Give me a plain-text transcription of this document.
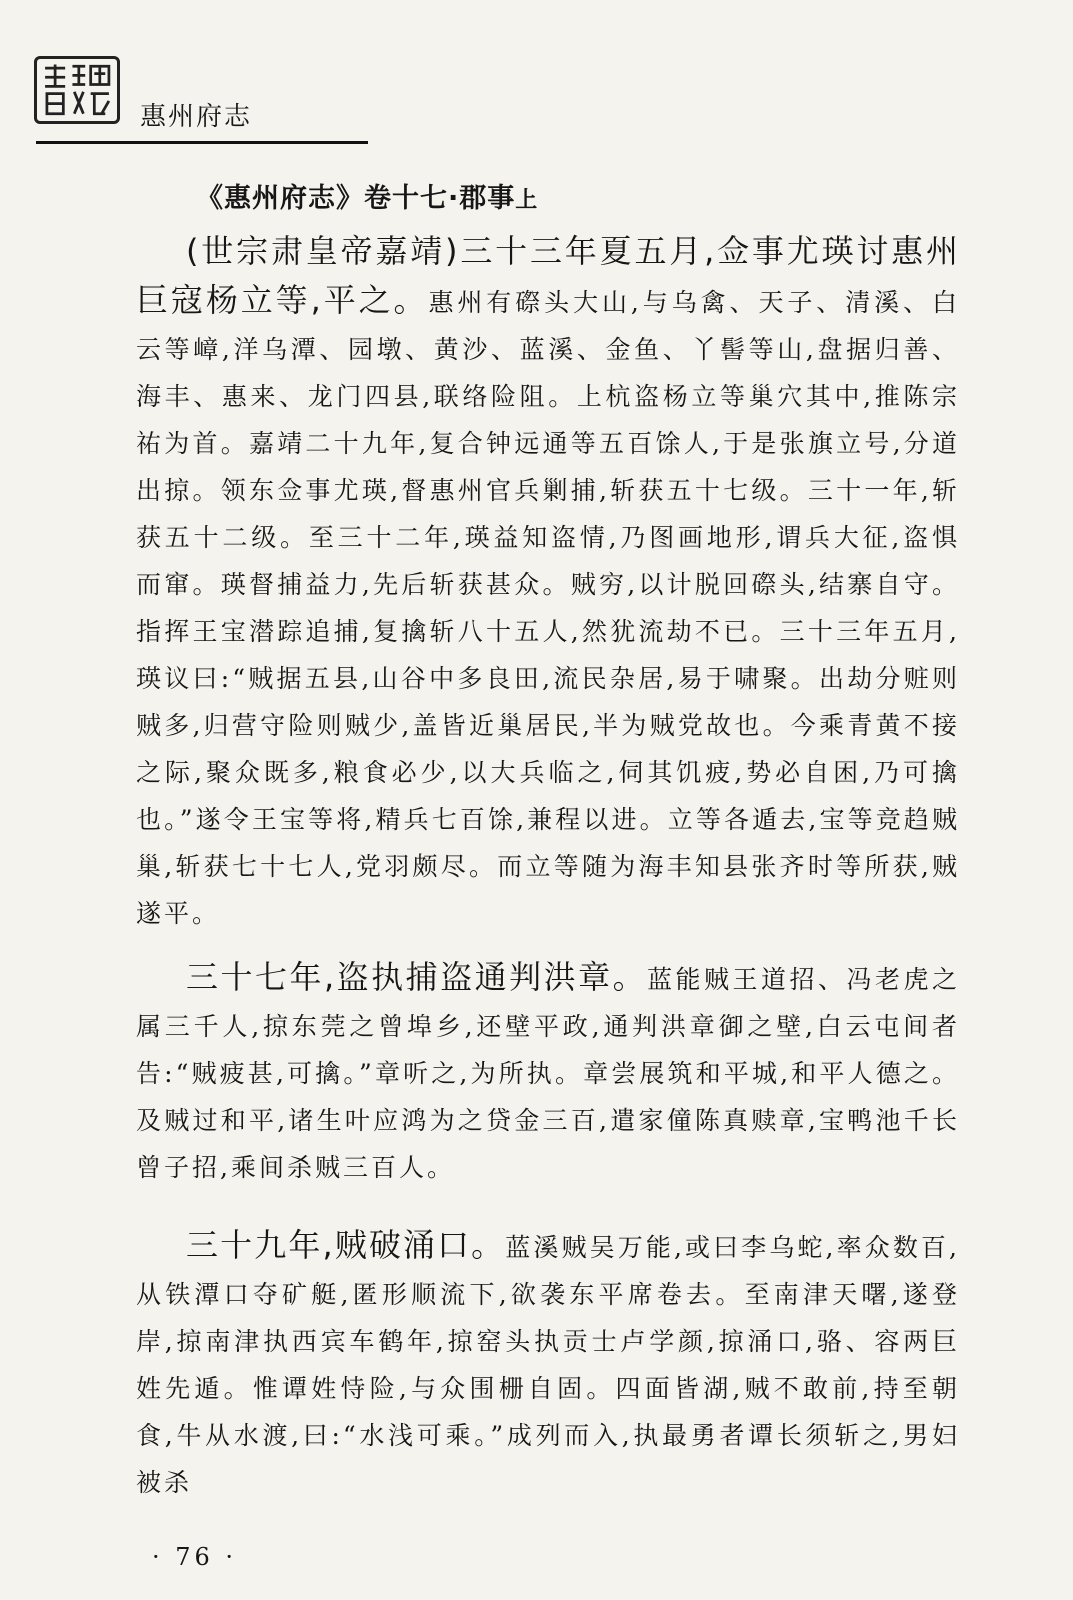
惠州府志
《惠州府志》卷十七·郡事上

(世宗肃皇帝嘉靖)三十三年夏五月,佥事尤瑛讨惠州巨寇杨立等,平之。惠州有磜头大山,与乌禽、天子、清溪、白云等嶂,洋乌潭、园墩、黄沙、蓝溪、金鱼、丫髻等山,盘据归善、海丰、惠来、龙门四县,联络险阻。上杭盗杨立等巢穴其中,推陈宗祐为首。嘉靖二十九年,复合钟远通等五百馀人,于是张旗立号,分道出掠。领东佥事尤瑛,督惠州官兵剿捕,斩获五十七级。三十一年,斩获五十二级。至三十二年,瑛益知盗情,乃图画地形,谓兵大征,盗惧而窜。瑛督捕益力,先后斩获甚众。贼穷,以计脱回磜头,结寨自守。指挥王宝潜踪追捕,复擒斩八十五人,然犹流劫不已。三十三年五月,瑛议曰:“贼据五县,山谷中多良田,流民杂居,易于啸聚。出劫分赃则贼多,归营守险则贼少,盖皆近巢居民,半为贼党故也。今乘青黄不接之际,聚众既多,粮食必少,以大兵临之,伺其饥疲,势必自困,乃可擒也。”遂令王宝等将,精兵七百馀,兼程以进。立等各遁去,宝等竞趋贼巢,斩获七十七人,党羽颇尽。而立等随为海丰知县张齐时等所获,贼遂平。

三十七年,盗执捕盗通判洪章。蓝能贼王道招、冯老虎之属三千人,掠东莞之曾埠乡,还壁平政,通判洪章御之壁,白云屯间者告:“贼疲甚,可擒。”章听之,为所执。章尝展筑和平城,和平人德之。及贼过和平,诸生叶应鸿为之贷金三百,遣家僮陈真赎章,宝鸭池千长曾子招,乘间杀贼三百人。

三十九年,贼破涌口。蓝溪贼吴万能,或曰李乌蛇,率众数百,从铁潭口夺矿艇,匿形顺流下,欲袭东平席卷去。至南津天曙,遂登岸,掠南津执西宾车鹤年,掠窑头执贡士卢学颜,掠涌口,骆、容两巨姓先遁。惟谭姓恃险,与众围栅自固。四面皆湖,贼不敢前,持至朝食,牛从水渡,曰:“水浅可乘。”成列而入,执最勇者谭长须斩之,男妇被杀

· 76 ·
